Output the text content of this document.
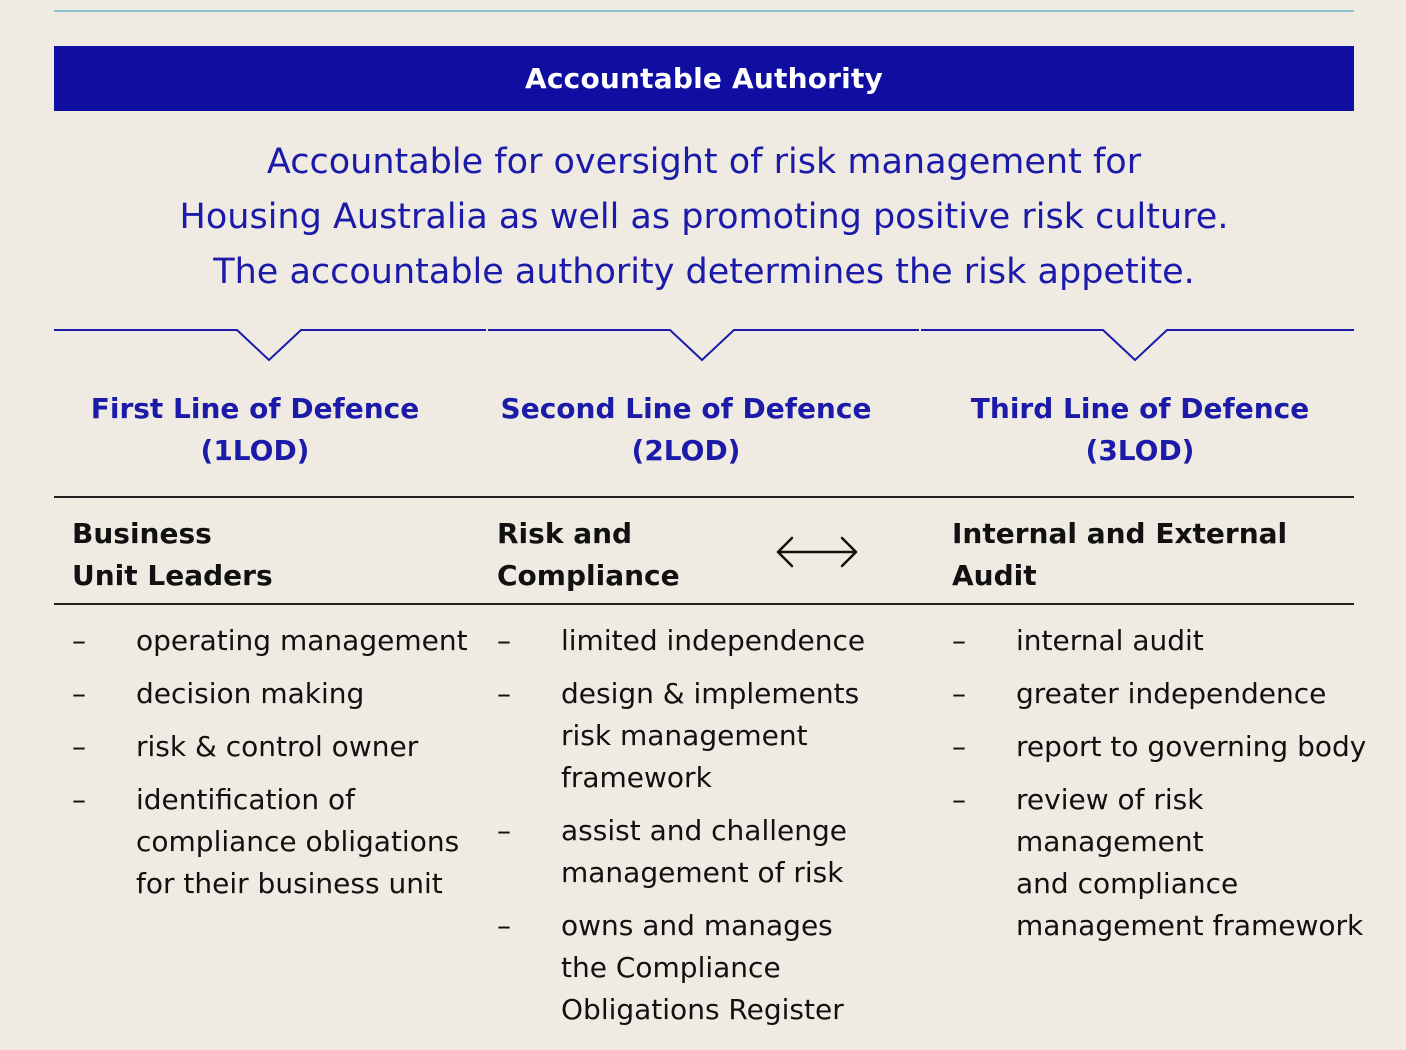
Accountable Authority
Accountable for oversight of risk management for
Housing Australia as well as promoting positive risk culture.
The accountable authority determines the risk appetite.
First Line of Defence
(1LOD)
Second Line of Defence
(2LOD)
Third Line of Defence
(3LOD)
Business
Unit Leaders
Risk and
Compliance
Internal and External
Audit
– operating management
– decision making
– risk & control owner
– identification of
compliance obligations
for their business unit
– limited independence
– design & implements
risk management
framework
– assist and challenge
management of risk
– owns and manages
the Compliance
Obligations Register
– internal audit
– greater independence
– report to governing body
– review of risk
management
and compliance
management framework
